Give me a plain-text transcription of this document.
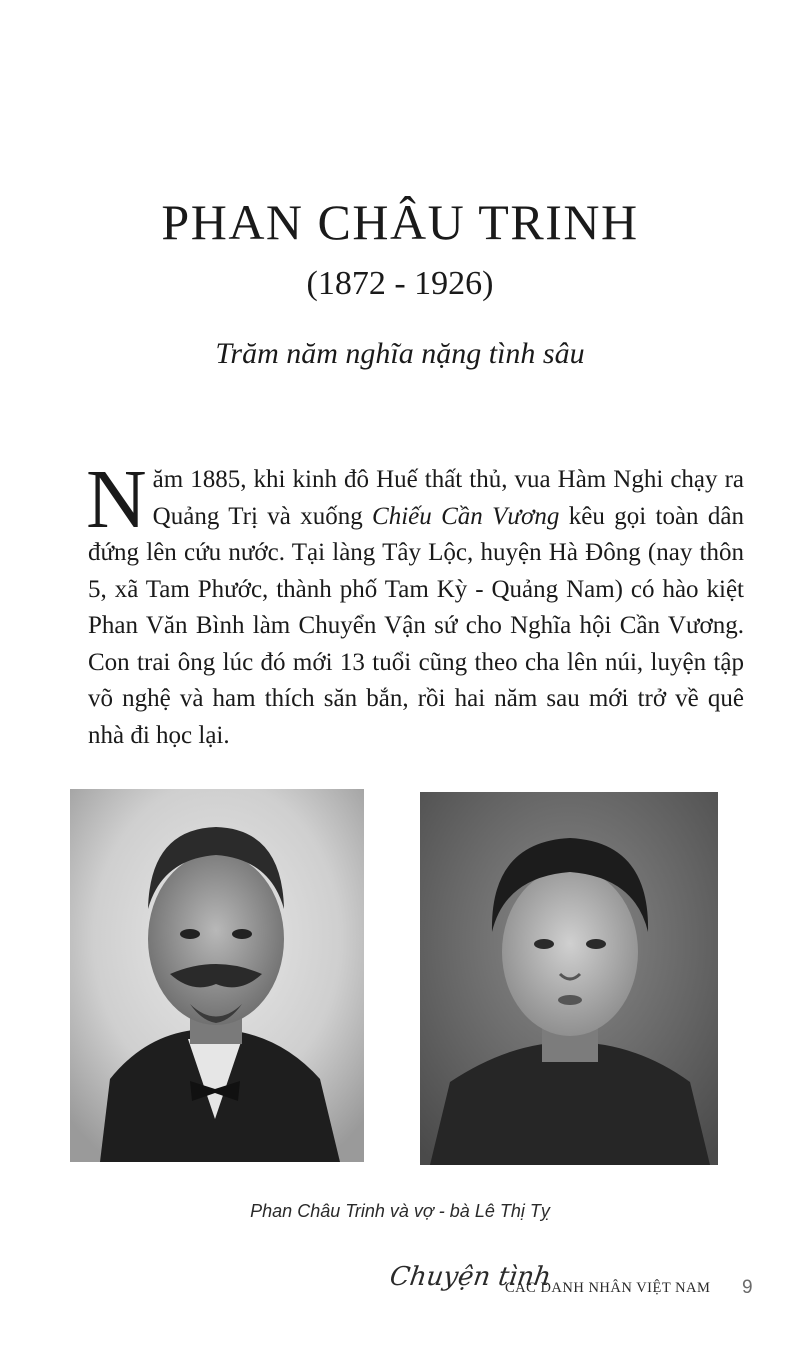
PHAN CHÂU TRINH
(1872 - 1926)
Trăm năm nghĩa nặng tình sâu

Năm 1885, khi kinh đô Huế thất thủ, vua Hàm Nghi chạy ra Quảng Trị và xuống Chiếu Cần Vương kêu gọi toàn dân đứng lên cứu nước. Tại làng Tây Lộc, huyện Hà Đông (nay thôn 5, xã Tam Phước, thành phố Tam Kỳ - Quảng Nam) có hào kiệt Phan Văn Bình làm Chuyển Vận sứ cho Nghĩa hội Cần Vương. Con trai ông lúc đó mới 13 tuổi cũng theo cha lên núi, luyện tập võ nghệ và ham thích săn bắn, rồi hai năm sau mới trở về quê nhà đi học lại.

Phan Châu Trinh và vợ - bà Lê Thị Tỵ
Chuyện tình
CÁC DANH NHÂN VIỆT NAM 9
